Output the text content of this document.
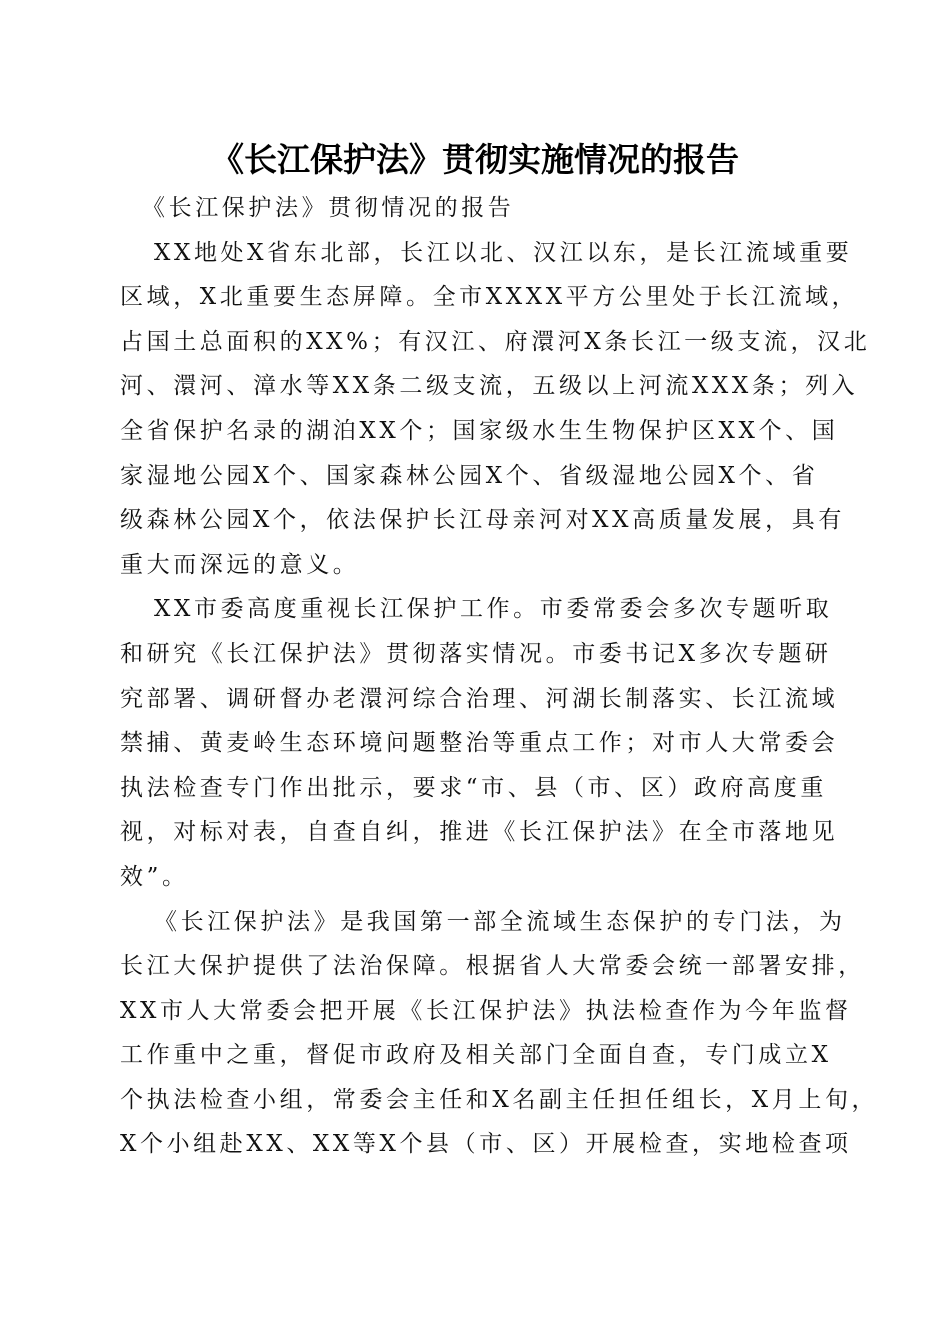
《长江保护法》贯彻实施情况的报告
《长江保护法》贯彻情况的报告
XX地处X省东北部，长江以北、汉江以东，是长江流域重要
区域，X北重要生态屏障。全市XXXX平方公里处于长江流域，
占国土总面积的XX%；有汉江、府澴河X条长江一级支流，汉北
河、澴河、漳水等XX条二级支流，五级以上河流XXX条；列入
全省保护名录的湖泊XX个；国家级水生生物保护区XX个、国
家湿地公园X个、国家森林公园X个、省级湿地公园X个、省
级森林公园X个，依法保护长江母亲河对XX高质量发展，具有
重大而深远的意义。
XX市委高度重视长江保护工作。市委常委会多次专题听取
和研究《长江保护法》贯彻落实情况。市委书记X多次专题研
究部署、调研督办老澴河综合治理、河湖长制落实、长江流域
禁捕、黄麦岭生态环境问题整治等重点工作；对市人大常委会
执法检查专门作出批示，要求“市、县（市、区）政府高度重
视，对标对表，自查自纠，推进《长江保护法》在全市落地见
效”。
《长江保护法》是我国第一部全流域生态保护的专门法，为
长江大保护提供了法治保障。根据省人大常委会统一部署安排，
XX市人大常委会把开展《长江保护法》执法检查作为今年监督
工作重中之重，督促市政府及相关部门全面自查，专门成立X
个执法检查小组，常委会主任和X名副主任担任组长，X月上旬，
X个小组赴XX、XX等X个县（市、区）开展检查，实地检查项
